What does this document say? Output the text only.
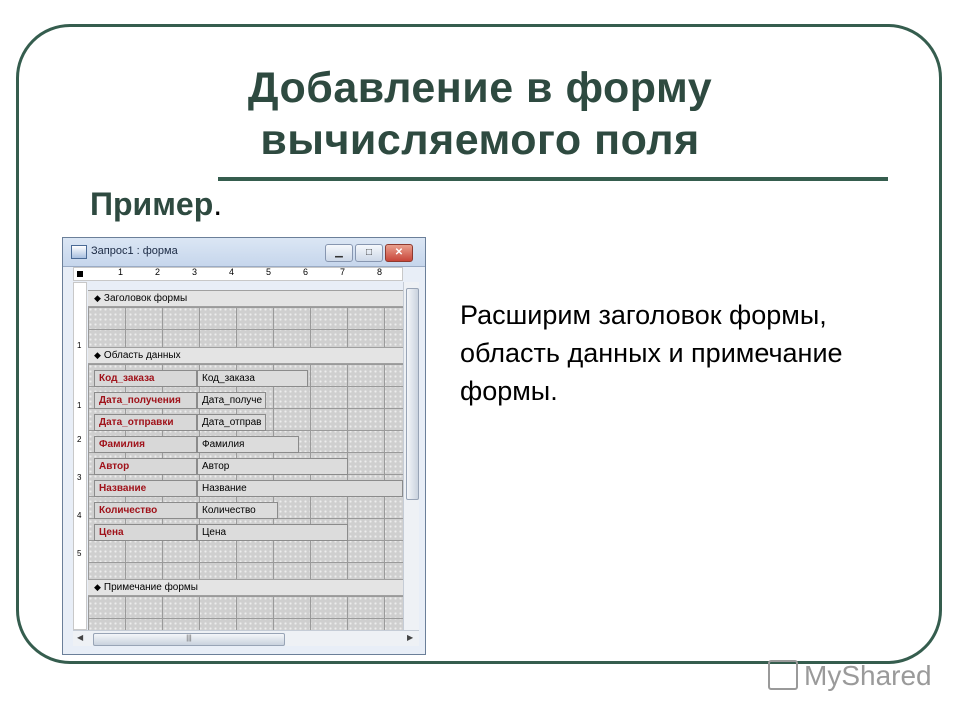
Добавление в форму
вычисляемого поля
Пример.
Расширим заголовок формы, область данных и примечание формы.
Запрос1 : форма	▁	□	✕
1	2	3	4	5	6	7	8
1
1
2
3
4
5
◆ Заголовок формы
◆ Область данных
Код_заказа	Код_заказа
Дата_получения	Дата_получе
Дата_отправки	Дата_отправ
Фамилия	Фамилия
Автор	Автор
Название	Название
Количество	Количество
Цена	Цена
◆ Примечание формы
◀	|||	▶
MyShared
